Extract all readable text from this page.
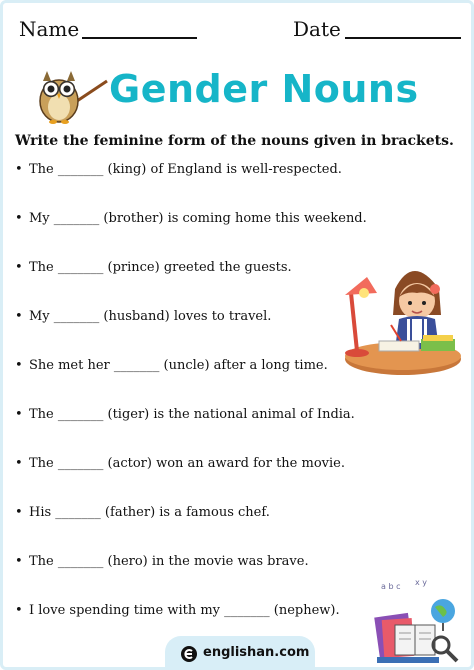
Name	Date
Gender Nouns
Write the feminine form of the nouns given in brackets.
• The _______ (king) of England is well-respected.
• My _______ (brother) is coming home this weekend.
• The _______ (prince) greeted the guests.
• My _______ (husband) loves to travel.
• She met her _______ (uncle) after a long time.
• The _______ (tiger) is the national animal of India.
• The _______ (actor) won an award for the movie.
• His _______ (father) is a famous chef.
• The _______ (hero) in the movie was brave.
• I love spending time with my _______ (nephew).
a b c x y
englishan.com
